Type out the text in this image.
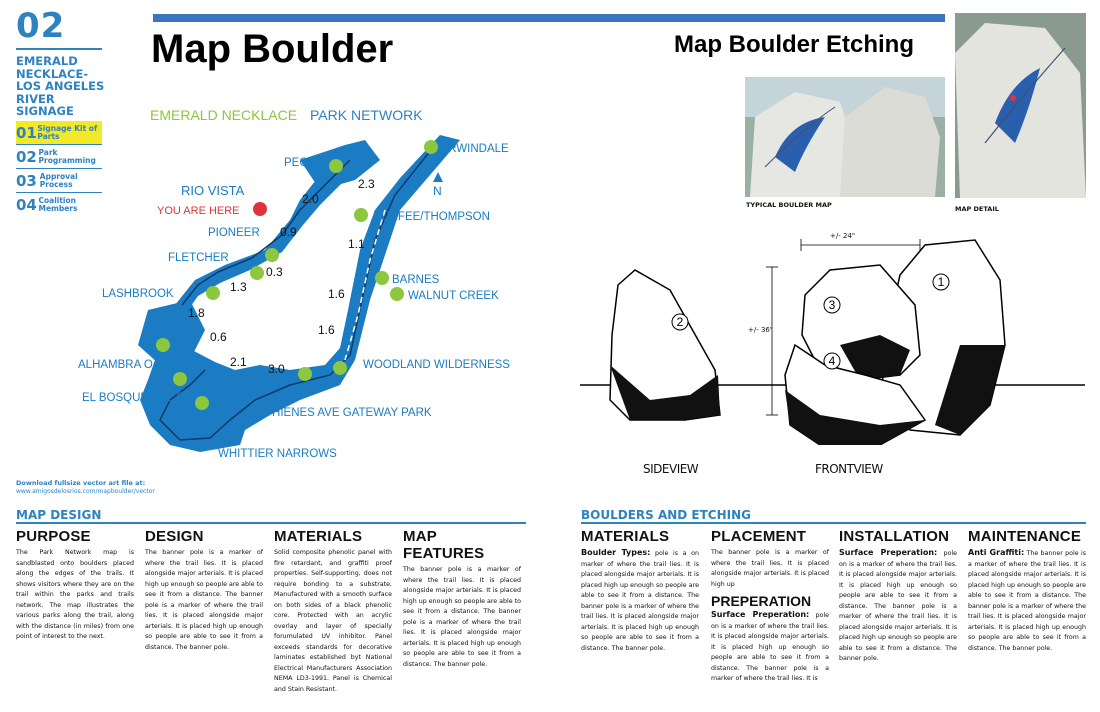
02
EMERALD NECKLACE-LOS ANGELES RIVER SIGNAGE
01 Signage Kit of Parts
02 Park Programming
03 Approval Process
04 Coalition Members
Map Boulder	Map Boulder Etching
EMERALD NECKLACE PARK NETWORK
PECK
IRWINDALE
DURFEE/THOMPSON
PIONEER
FLETCHER
LASHBROOK
BARNES
WALNUT CREEK
ALHAMBRA OASIS
EL BOSQUE DEL RIO
WOODLAND WILDERNESS
THIENES AVE GATEWAY PARK
WHITTIER NARROWS
RIO VISTA
YOU ARE HERE
N
2.3
2.0
0.9
1.1
0.3
1.3	1.6
1.8
0.6	1.6
2.1 3.0
Download fullsize vector art file at:
www.amigosdelosrios.com/mapboulder/vector
TYPICAL BOULDER MAP	MAP DETAIL
1
2
3
4
+/- 24"
+/- 36"
SIDEVIEW	FRONTVIEW
MAP DESIGN
PURPOSE

The Park Network map is sandblasted onto boulders placed along the edges of the trails. It shows visitors where they are on the trail within the parks and trails network. The map illustrates the various parks along the trail, along with the distance (in miles) from one point of interest to the next.

DESIGN

The banner pole is a marker of where the trail lies. It is placed alongside major arterials. It is placed high up enough so people are able to see it from a distance. The banner pole is a marker of where the trail lies. It is placed alongside major arterials. It is placed high up enough so people are able to see it from a distance. The banner pole.

MATERIALS

Solid composite phenolic panel with fire retardant, and graffiti proof properties. Self-supporting, does not require bonding to a substrate. Manufactured with a smooth surface on both sides of a black phenolic core. Protected with an acrylic overlay and layer of specially forumulated UV inhibitor. Panel exceeds standards for decorative laminates established byt National Electrical Manufacturers Association NEMA LD3-1991. Panel is Chemical and Stain Resistant.

MAP FEATURES

The banner pole is a marker of where the trail lies. It is placed alongside major arterials. It is placed high up enough so people are able to see it from a distance. The banner pole is a marker of where the trail lies. It is placed alongside major arterials. It is placed high up enough so people are able to see it from a distance. The banner pole.

BOULDERS AND ETCHING
MATERIALS

Boulder Types: pole is a on marker of where the trail lies. It is placed alongside major arterials. It is placed high up enough so people are able to see it from a distance. The banner pole is a marker of where the trail lies. It is placed alongside major arterials. It is placed high up enough so people are able to see it from a distance. The banner pole.

PLACEMENT

The banner pole is a marker of where the trail lies. It is placed alongside major arterials. It is placed high up

PREPERATION

Surface Preperation: pole on is a marker of where the trail lies. It is placed alongside major arterials. It is placed high up enough so people are able to see it from a distance. The banner pole is a marker of where the trail lies. It is

INSTALLATION

Surface Preperation: pole on is a marker of where the trail lies. It is placed alongside major arterials. It is placed high up enough so people are able to see it from a distance. The banner pole is a marker of where the trail lies. It is placed alongside major arterials. It is placed high up enough so people are able to see it from a distance. The banner pole.

MAINTENANCE

Anti Graffiti: The banner pole is a marker of where the trail lies. It is placed alongside major arterials. It is placed high up enough so people are able to see it from a distance. The banner pole is a marker of where the trail lies. It is placed alongside major arterials. It is placed high up enough so people are able to see it from a distance. The banner pole.
